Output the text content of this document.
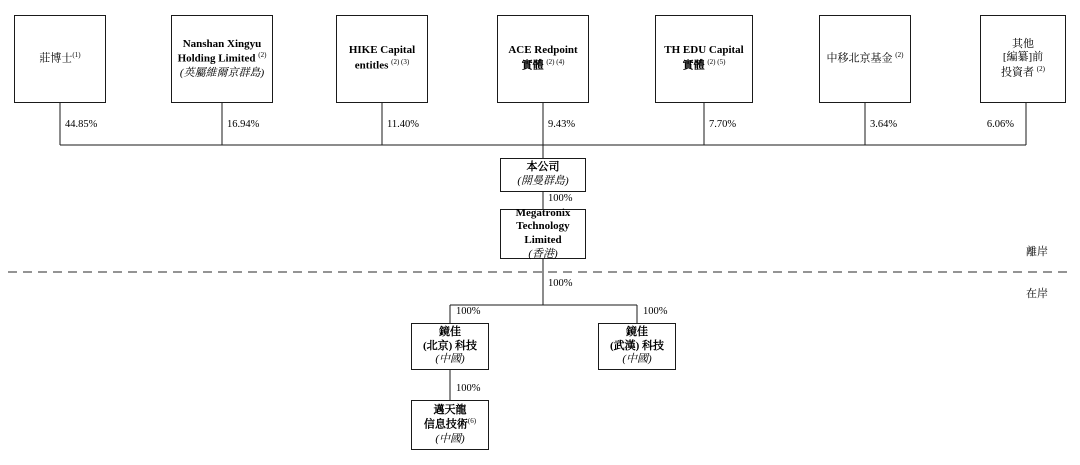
莊博士$^{(1)}$
Nanshan Xingyu
Holding Limited $^{(2)}$
(英屬維爾京群島)
HIKE Capital
entitles $^{(2) (3)}$
ACE Redpoint
實體 $^{(2) (4)}$
TH EDU Capital
實體 $^{(2) (5)}$	中移北京基金 $^{(2)}$
其他
[編纂]前
投資者 $^{(2)}$
44.85%	16.94%	11.40%	9.43%	7.70%	3.64%	6.06%
本公司
(開曼群島)
100%
Megatronix
Technology
Limited
(香港)
100%
離岸
在岸
100%
鏡佳
(北京) 科技
(中國)
100%
鏡佳
(武漢) 科技
(中國)
100%
邁天龍
信息技術$^{(6)}$
(中國)
